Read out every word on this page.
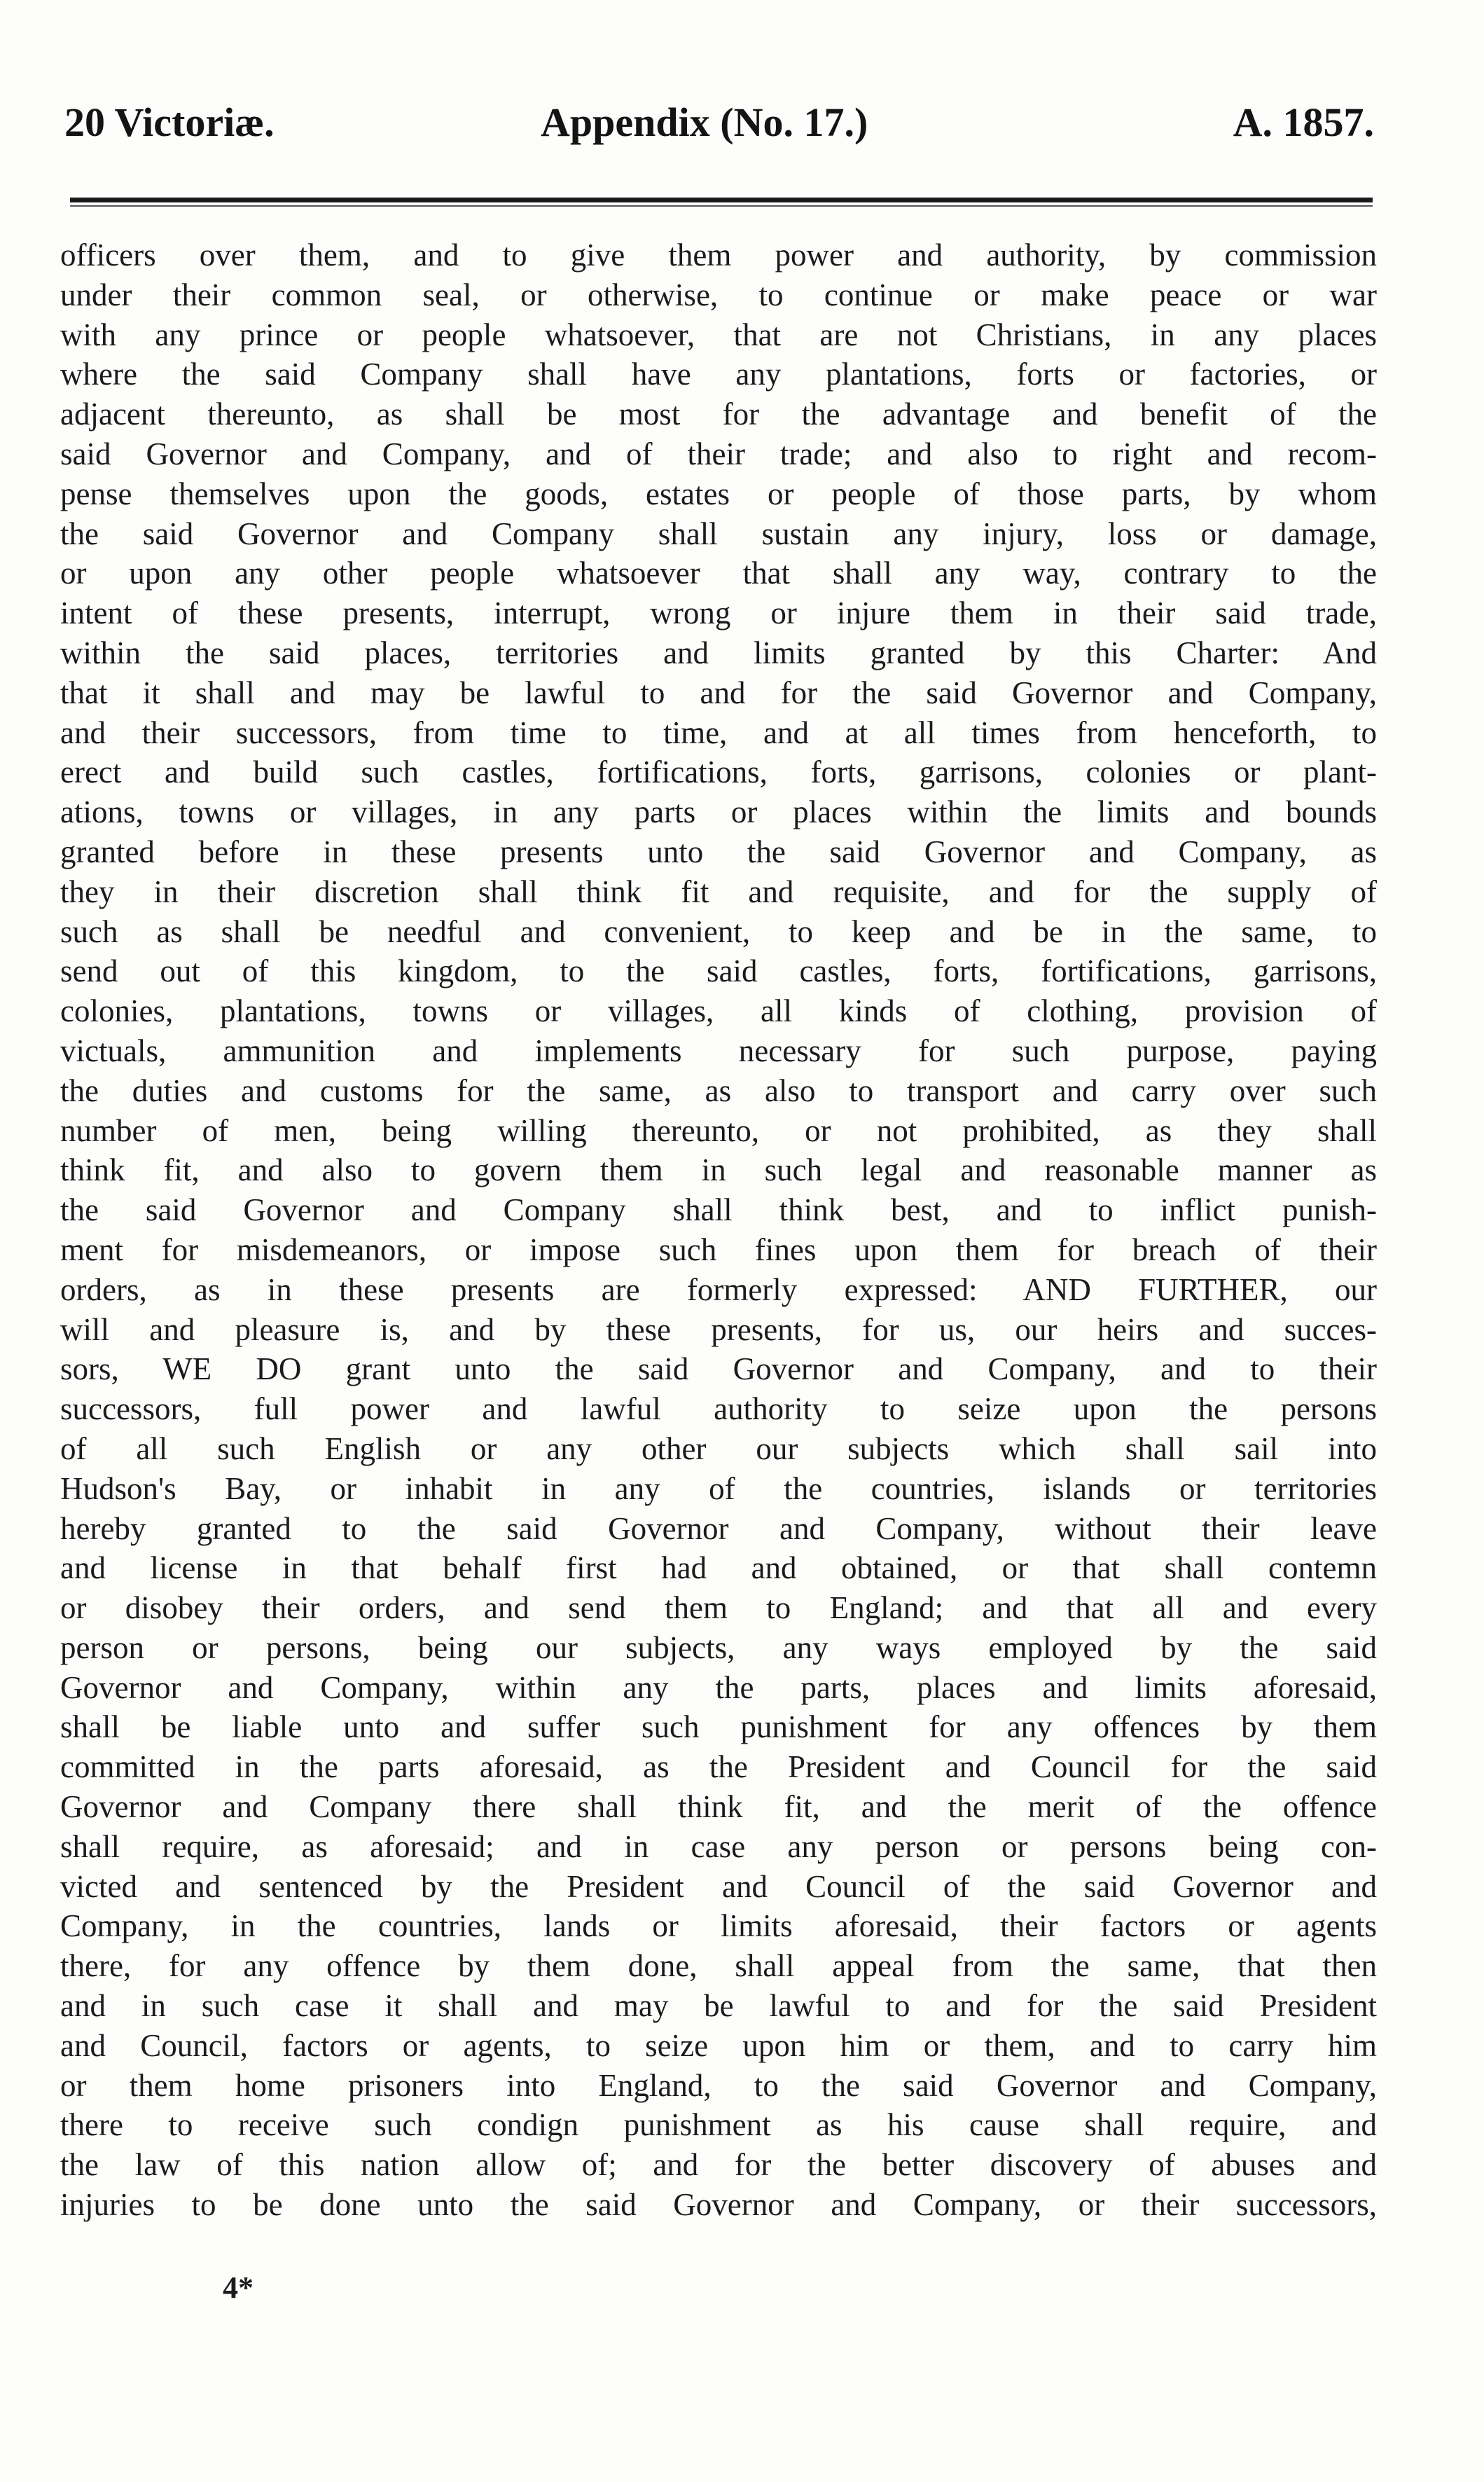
20 Victoriæ.	Appendix (No. 17.)	A. 1857.
officers over them, and to give them power and authority, by commission
under their common seal, or otherwise, to continue or make peace or war
with any prince or people whatsoever, that are not Christians, in any places
where the said Company shall have any plantations, forts or factories, or
adjacent thereunto, as shall be most for the advantage and benefit of the
said Governor and Company, and of their trade; and also to right and recom-
pense themselves upon the goods, estates or people of those parts, by whom
the said Governor and Company shall sustain any injury, loss or damage,
or upon any other people whatsoever that shall any way, contrary to the
intent of these presents, interrupt, wrong or injure them in their said trade,
within the said places, territories and limits granted by this Charter: And
that it shall and may be lawful to and for the said Governor and Company,
and their successors, from time to time, and at all times from henceforth, to
erect and build such castles, fortifications, forts, garrisons, colonies or plant-
ations, towns or villages, in any parts or places within the limits and bounds
granted before in these presents unto the said Governor and Company, as
they in their discretion shall think fit and requisite, and for the supply of
such as shall be needful and convenient, to keep and be in the same, to
send out of this kingdom, to the said castles, forts, fortifications, garrisons,
colonies, plantations, towns or villages, all kinds of clothing, provision of
victuals, ammunition and implements necessary for such purpose, paying
the duties and customs for the same, as also to transport and carry over such
number of men, being willing thereunto, or not prohibited, as they shall
think fit, and also to govern them in such legal and reasonable manner as
the said Governor and Company shall think best, and to inflict punish-
ment for misdemeanors, or impose such fines upon them for breach of their
orders, as in these presents are formerly expressed: AND FURTHER, our
will and pleasure is, and by these presents, for us, our heirs and succes-
sors, WE DO grant unto the said Governor and Company, and to their
successors, full power and lawful authority to seize upon the persons
of all such English or any other our subjects which shall sail into
Hudson's Bay, or inhabit in any of the countries, islands or territories
hereby granted to the said Governor and Company, without their leave
and license in that behalf first had and obtained, or that shall contemn
or disobey their orders, and send them to England; and that all and every
person or persons, being our subjects, any ways employed by the said
Governor and Company, within any the parts, places and limits aforesaid,
shall be liable unto and suffer such punishment for any offences by them
committed in the parts aforesaid, as the President and Council for the said
Governor and Company there shall think fit, and the merit of the offence
shall require, as aforesaid; and in case any person or persons being con-
victed and sentenced by the President and Council of the said Governor and
Company, in the countries, lands or limits aforesaid, their factors or agents
there, for any offence by them done, shall appeal from the same, that then
and in such case it shall and may be lawful to and for the said President
and Council, factors or agents, to seize upon him or them, and to carry him
or them home prisoners into England, to the said Governor and Company,
there to receive such condign punishment as his cause shall require, and
the law of this nation allow of; and for the better discovery of abuses and
injuries to be done unto the said Governor and Company, or their successors,
4*
